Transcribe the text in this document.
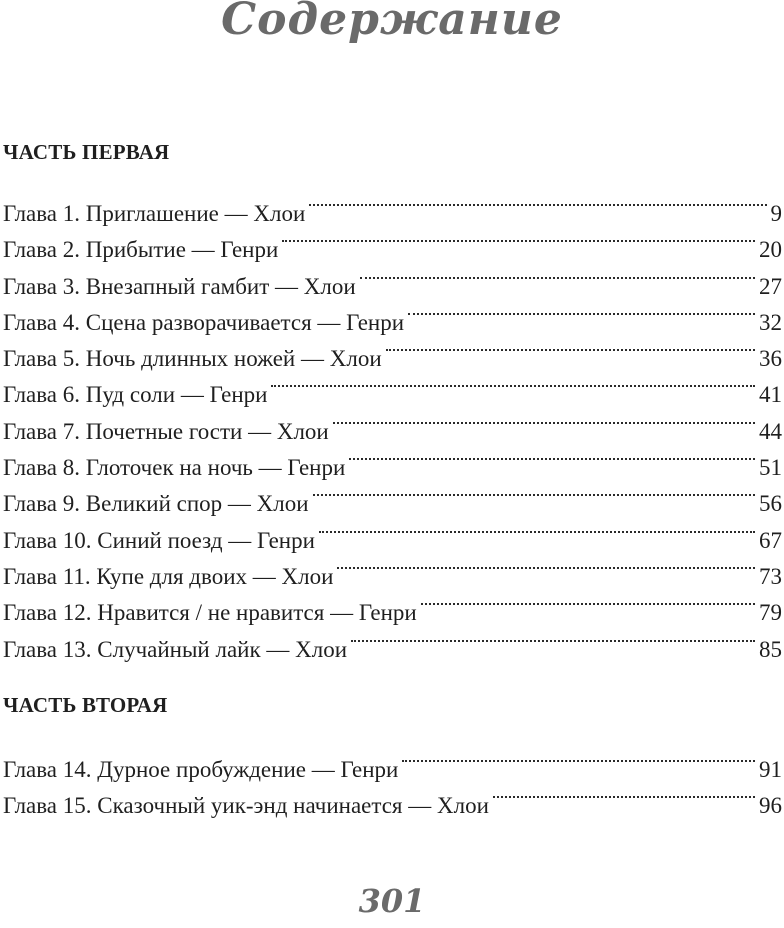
Содержание
ЧАСТЬ ПЕРВАЯ
Глава 1. Приглашение — Хлои	9
Глава 2. Прибытие — Генри	20
Глава 3. Внезапный гамбит — Хлои	27
Глава 4. Сцена разворачивается — Генри	32
Глава 5. Ночь длинных ножей — Хлои	36
Глава 6. Пуд соли — Генри	41
Глава 7. Почетные гости — Хлои	44
Глава 8. Глоточек на ночь — Генри	51
Глава 9. Великий спор — Хлои	56
Глава 10. Синий поезд — Генри	67
Глава 11. Купе для двоих — Хлои	73
Глава 12. Нравится / не нравится — Генри	79
Глава 13. Случайный лайк — Хлои	85
ЧАСТЬ ВТОРАЯ
Глава 14. Дурное пробуждение — Генри	91
Глава 15. Сказочный уик-энд начинается — Хлои	96
301
